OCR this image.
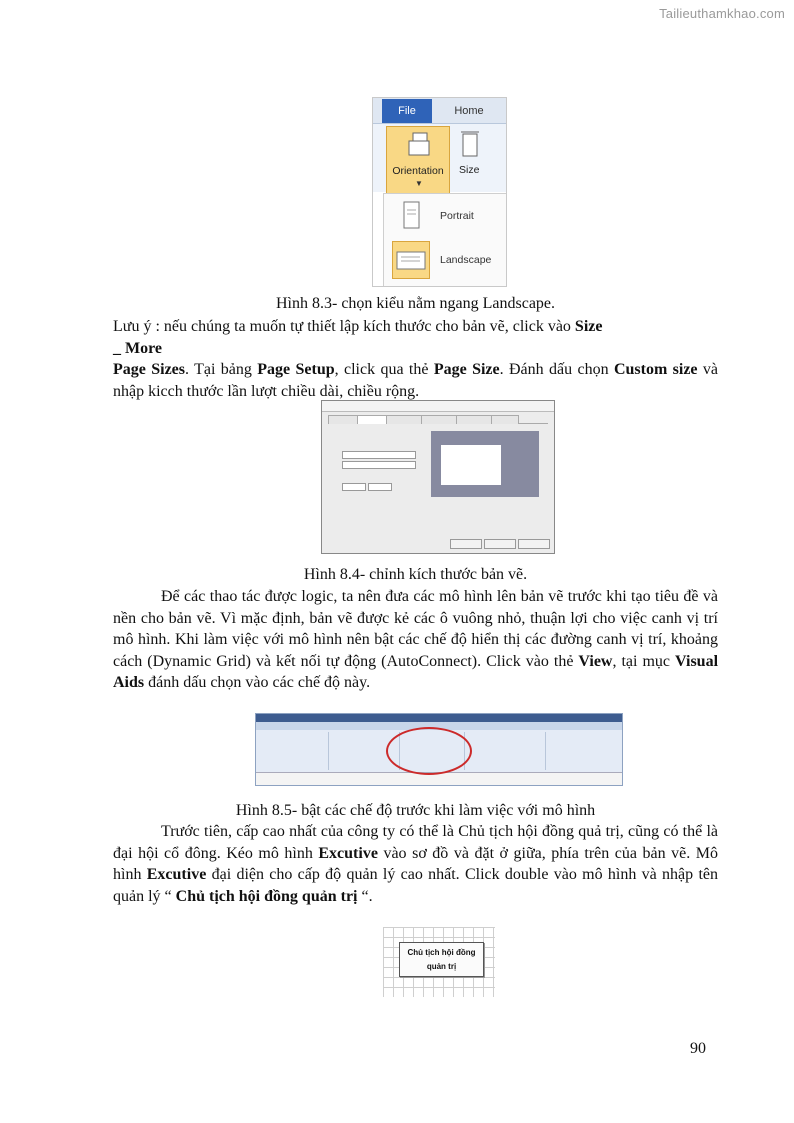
Tailieuthamkhao.com
File	Home
Orientation
▼
Size
Portrait
Landscape
Hình 8.3- chọn kiểu nằm ngang Landscape.
Lưu ý : nếu chúng ta muốn tự thiết lập kích thước cho bản vẽ, click vào Size
_ More
Page Sizes. Tại bảng Page Setup, click qua thẻ Page Size. Đánh dấu chọn Custom size và nhập kicch thước lần lượt chiều dài, chiều rộng.
Hình 8.4- chỉnh kích thước bản vẽ.
Để các thao tác được logic, ta nên đưa các mô hình lên bản vẽ trước khi tạo tiêu đề và nền cho bản vẽ. Vì mặc định, bản vẽ được kẻ các ô vuông nhỏ, thuận lợi cho việc canh vị trí mô hình. Khi làm việc với mô hình nên bật các chế độ hiển thị các đường canh vị trí, khoảng cách (Dynamic Grid) và kết nối tự động (AutoConnect). Click vào thẻ View, tại mục Visual Aids đánh dấu chọn vào các chế độ này.
Hình 8.5- bật các chế độ trước khi làm việc với mô hình
Trước tiên, cấp cao nhất của công ty có thể là Chủ tịch hội đồng quả trị, cũng có thể là đại hội cổ đông. Kéo mô hình Excutive vào sơ đồ và đặt ở giữa, phía trên của bản vẽ. Mô hình Excutive đại diện cho cấp độ quản lý cao nhất. Click double vào mô hình và nhập tên quản lý “ Chủ tịch hội đồng quản trị “.
Chủ tịch hội đồng
quản trị
90
